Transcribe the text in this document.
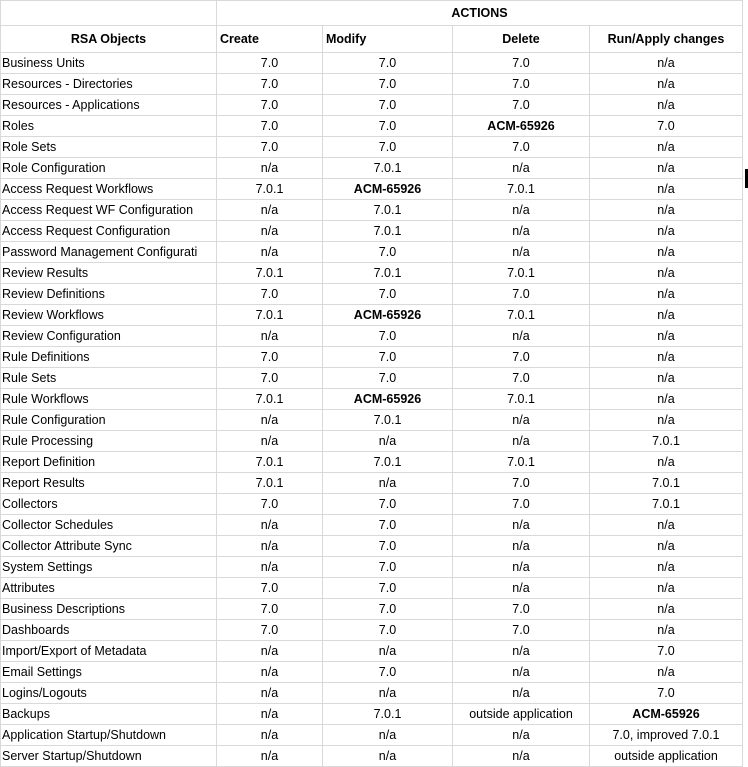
	ACTIONS			
RSA Objects	Create	Modify	Delete	Run/Apply changes
Business Units	7.0	7.0	7.0	n/a
Resources - Directories	7.0	7.0	7.0	n/a
Resources - Applications	7.0	7.0	7.0	n/a
Roles	7.0	7.0	ACM-65926	7.0
Role Sets	7.0	7.0	7.0	n/a
Role Configuration	n/a	7.0.1	n/a	n/a
Access Request Workflows	7.0.1	ACM-65926	7.0.1	n/a
Access Request WF Configuration	n/a	7.0.1	n/a	n/a
Access Request Configuration	n/a	7.0.1	n/a	n/a
Password Management Configurati	n/a	7.0	n/a	n/a
Review Results	7.0.1	7.0.1	7.0.1	n/a
Review Definitions	7.0	7.0	7.0	n/a
Review Workflows	7.0.1	ACM-65926	7.0.1	n/a
Review Configuration	n/a	7.0	n/a	n/a
Rule Definitions	7.0	7.0	7.0	n/a
Rule Sets	7.0	7.0	7.0	n/a
Rule Workflows	7.0.1	ACM-65926	7.0.1	n/a
Rule Configuration	n/a	7.0.1	n/a	n/a
Rule Processing	n/a	n/a	n/a	7.0.1
Report Definition	7.0.1	7.0.1	7.0.1	n/a
Report Results	7.0.1	n/a	7.0	7.0.1
Collectors	7.0	7.0	7.0	7.0.1
Collector Schedules	n/a	7.0	n/a	n/a
Collector Attribute Sync	n/a	7.0	n/a	n/a
System Settings	n/a	7.0	n/a	n/a
Attributes	7.0	7.0	n/a	n/a
Business Descriptions	7.0	7.0	7.0	n/a
Dashboards	7.0	7.0	7.0	n/a
Import/Export of Metadata	n/a	n/a	n/a	7.0
Email Settings	n/a	7.0	n/a	n/a
Logins/Logouts	n/a	n/a	n/a	7.0
Backups	n/a	7.0.1	outside application	ACM-65926
Application Startup/Shutdown	n/a	n/a	n/a	7.0, improved 7.0.1
Server Startup/Shutdown	n/a	n/a	n/a	outside application
